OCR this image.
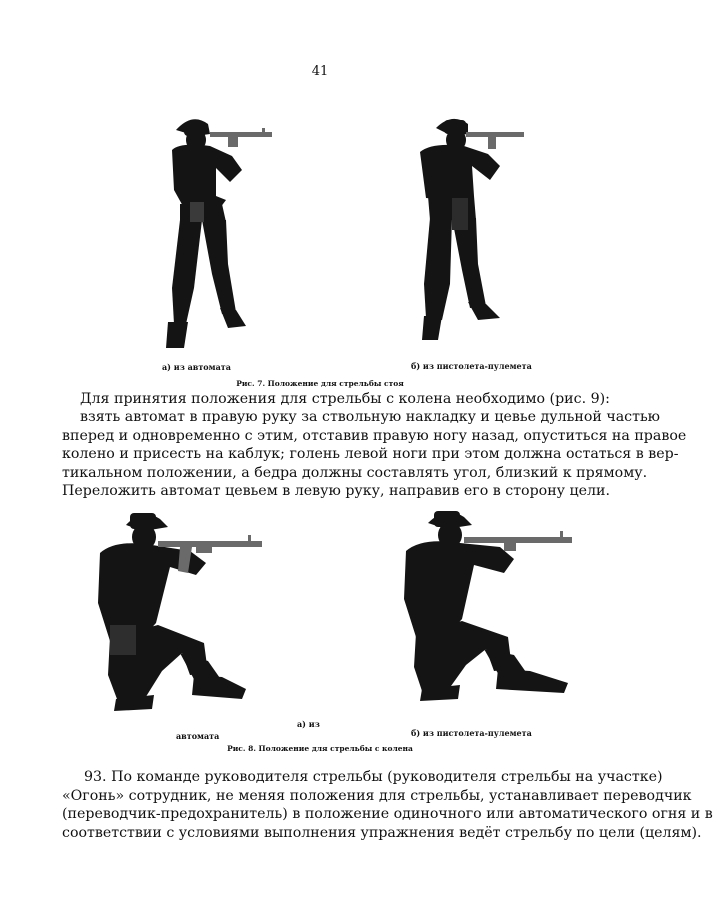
41
а) из автомата	б) из пистолета-пулемета
Рис. 7. Положение для стрельбы стоя
Для принятия положения для стрельбы с колена необходимо (рис. 9):
взять автомат в правую руку за ствольную накладку и цевье дульной частью
вперед и одновременно с этим, отставив правую ногу назад, опуститься на правое
колено и присесть на каблук; голень левой ноги при этом должна остаться в вер-
тикальном положении, а бедра должны составлять угол, близкий к прямому.
Переложить автомат цевьем в левую руку, направив его в сторону цели.
а) из
автомата	б) из пистолета-пулемета
Рис. 8. Положение для стрельбы с колена
93. По команде руководителя стрельбы (руководителя стрельбы на участке)
«Огонь» сотрудник, не меняя положения для стрельбы, устанавливает переводчик
(переводчик-предохранитель) в положение одиночного или автоматического огня и в
соответствии с условиями выполнения упражнения ведёт стрельбу по цели (целям).
